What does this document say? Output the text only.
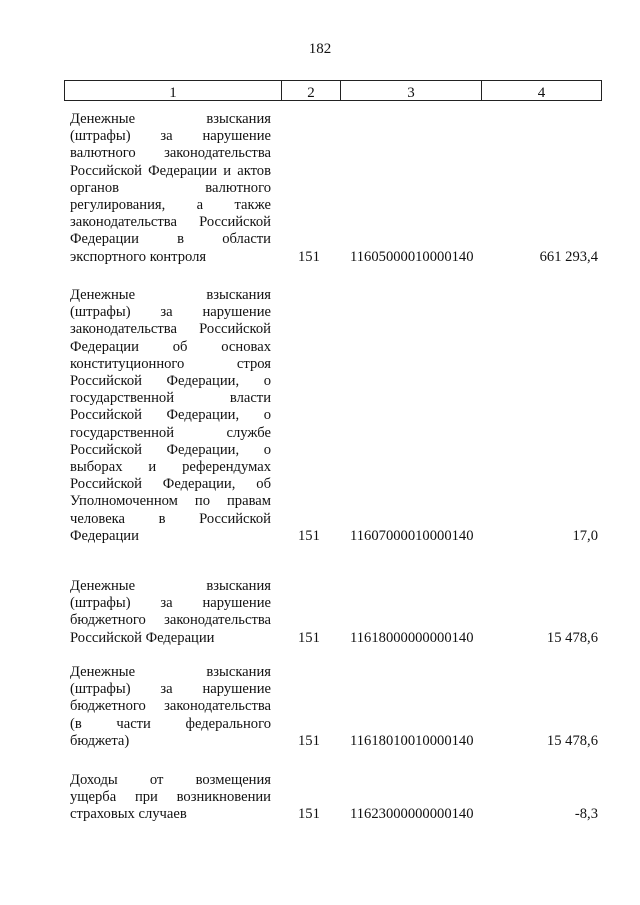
182
1	2	3	4
Денежные взыскания
(штрафы) за нарушение
валютного законодательства
Российской Федерации и актов
органов валютного
регулирования, а также
законодательства Российской
Федерации в области
экспортного контроля	151 11605000010000140	661 293,4
Денежные взыскания
(штрафы) за нарушение
законодательства Российской
Федерации об основах
конституционного строя
Российской Федерации, о
государственной власти
Российской Федерации, о
государственной службе
Российской Федерации, о
выборах и референдумах
Российской Федерации, об
Уполномоченном по правам
человека в Российской
Федерации	151 11607000010000140	17,0
Денежные взыскания
(штрафы) за нарушение
бюджетного законодательства
Российской Федерации	151 11618000000000140	15 478,6
Денежные взыскания
(штрафы) за нарушение
бюджетного законодательства
(в части федерального
бюджета)	151 11618010010000140	15 478,6
Доходы от возмещения
ущерба при возникновении
страховых случаев	151 11623000000000140	-8,3
